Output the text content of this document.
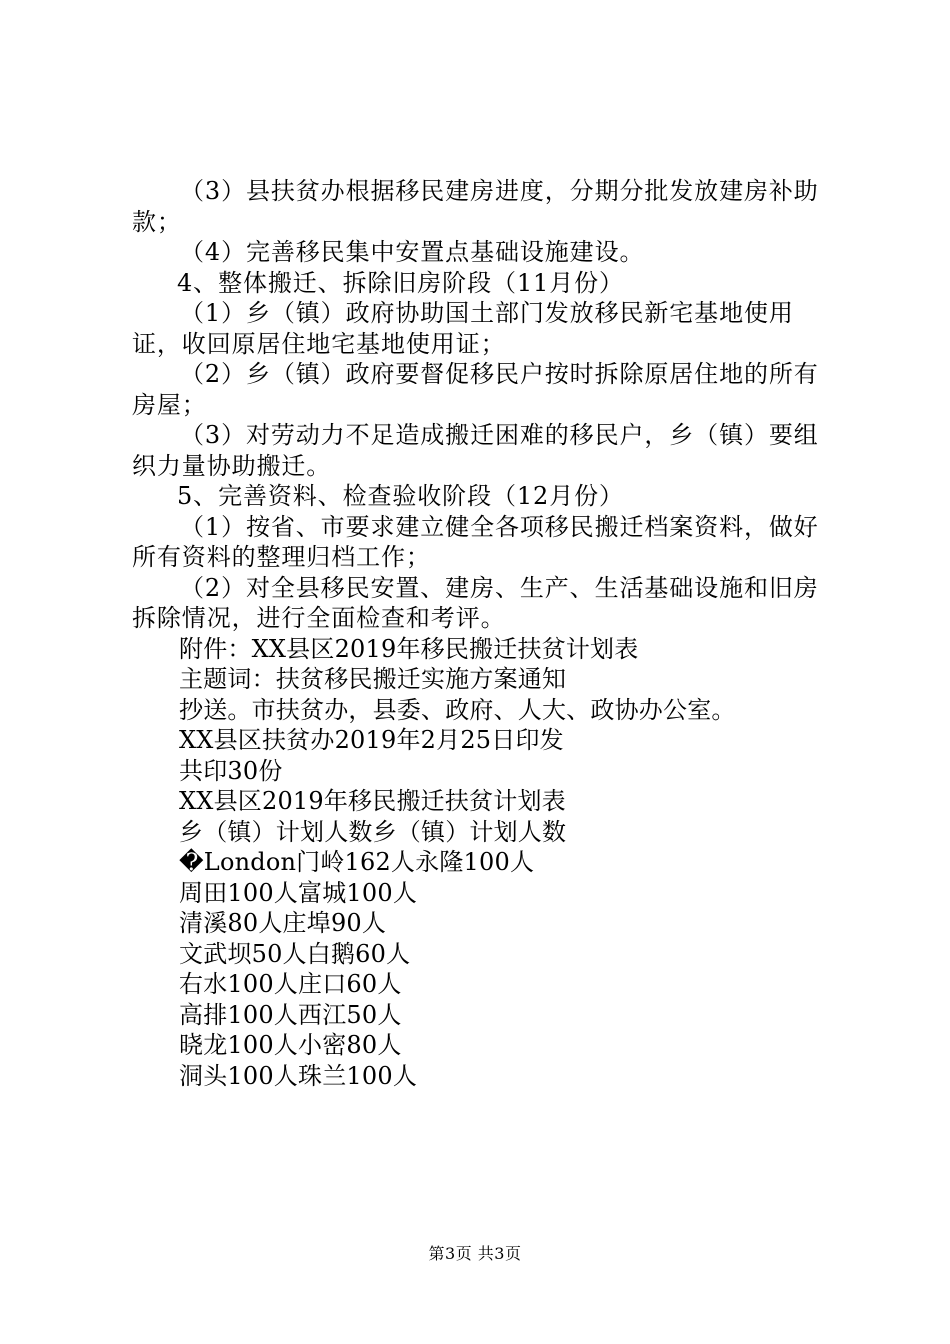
（3）县扶贫办根据移民建房进度，分期分批发放建房补助款；

（4）完善移民集中安置点基础设施建设。

4、整体搬迁、拆除旧房阶段（11月份）

（1）乡（镇）政府协助国土部门发放移民新宅基地使用证，收回原居住地宅基地使用证；

（2）乡（镇）政府要督促移民户按时拆除原居住地的所有房屋；

（3）对劳动力不足造成搬迁困难的移民户，乡（镇）要组织力量协助搬迁。

5、完善资料、检查验收阶段（12月份）

（1）按省、市要求建立健全各项移民搬迁档案资料，做好所有资料的整理归档工作；

（2）对全县移民安置、建房、生产、生活基础设施和旧房拆除情况，进行全面检查和考评。

附件：XX县区2019年移民搬迁扶贫计划表

主题词：扶贫移民搬迁实施方案通知

抄送。市扶贫办，县委、政府、人大、政协办公室。

XX县区扶贫办2019年2月25日印发

共印30份

XX县区2019年移民搬迁扶贫计划表

乡（镇）计划人数乡（镇）计划人数

�London门岭162人永隆100人

周田100人富城100人

清溪80人庄埠90人

文武坝50人白鹅60人

右水100人庄口60人

高排100人西江50人

晓龙100人小密80人

洞头100人珠兰100人

第3页 共3页
